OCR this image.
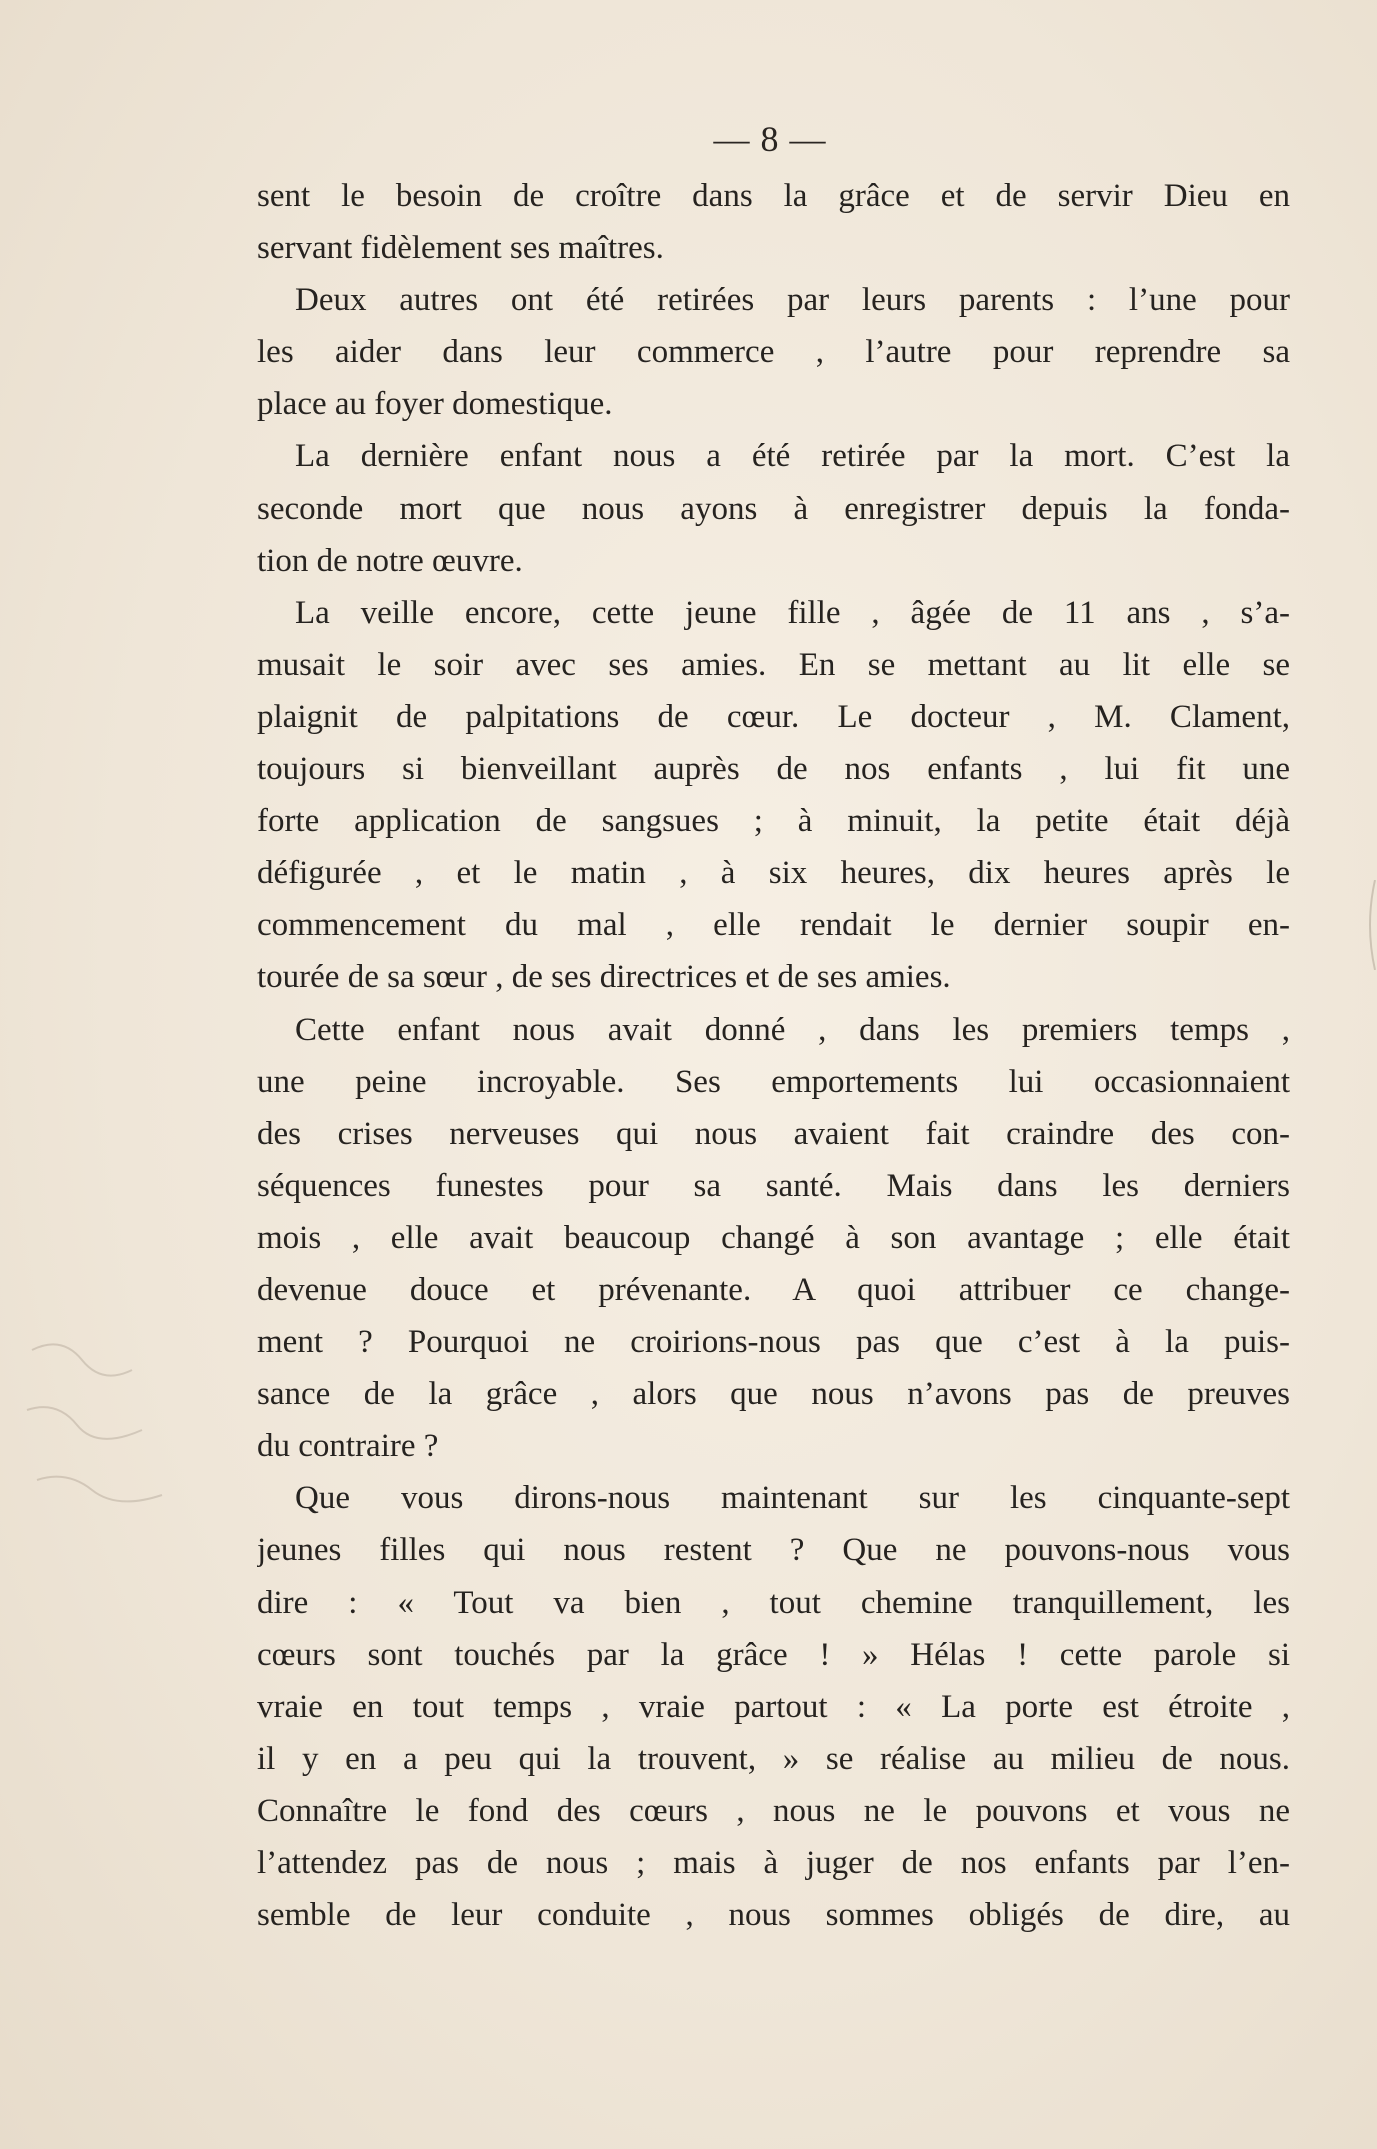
— 8 —
sent le besoin de croître dans la grâce et de servir Dieu en
servant fidèlement ses maîtres.
Deux autres ont été retirées par leurs parents : l’une pour
les aider dans leur commerce , l’autre pour reprendre sa
place au foyer domestique.
La dernière enfant nous a été retirée par la mort. C’est la
seconde mort que nous ayons à enregistrer depuis la fonda-
tion de notre œuvre.
La veille encore, cette jeune fille , âgée de 11 ans , s’a-
musait le soir avec ses amies. En se mettant au lit elle se
plaignit de palpitations de cœur. Le docteur , M. Clament,
toujours si bienveillant auprès de nos enfants , lui fit une
forte application de sangsues ; à minuit, la petite était déjà
défigurée , et le matin , à six heures, dix heures après le
commencement du mal , elle rendait le dernier soupir en-
tourée de sa sœur , de ses directrices et de ses amies.
Cette enfant nous avait donné , dans les premiers temps ,
une peine incroyable. Ses emportements lui occasionnaient
des crises nerveuses qui nous avaient fait craindre des con-
séquences funestes pour sa santé. Mais dans les derniers
mois , elle avait beaucoup changé à son avantage ; elle était
devenue douce et prévenante. A quoi attribuer ce change-
ment ? Pourquoi ne croirions-nous pas que c’est à la puis-
sance de la grâce , alors que nous n’avons pas de preuves
du contraire ?
Que vous dirons-nous maintenant sur les cinquante-sept
jeunes filles qui nous restent ? Que ne pouvons-nous vous
dire : « Tout va bien , tout chemine tranquillement, les
cœurs sont touchés par la grâce ! » Hélas ! cette parole si
vraie en tout temps , vraie partout : « La porte est étroite ,
il y en a peu qui la trouvent, » se réalise au milieu de nous.
Connaître le fond des cœurs , nous ne le pouvons et vous ne
l’attendez pas de nous ; mais à juger de nos enfants par l’en-
semble de leur conduite , nous sommes obligés de dire, au
